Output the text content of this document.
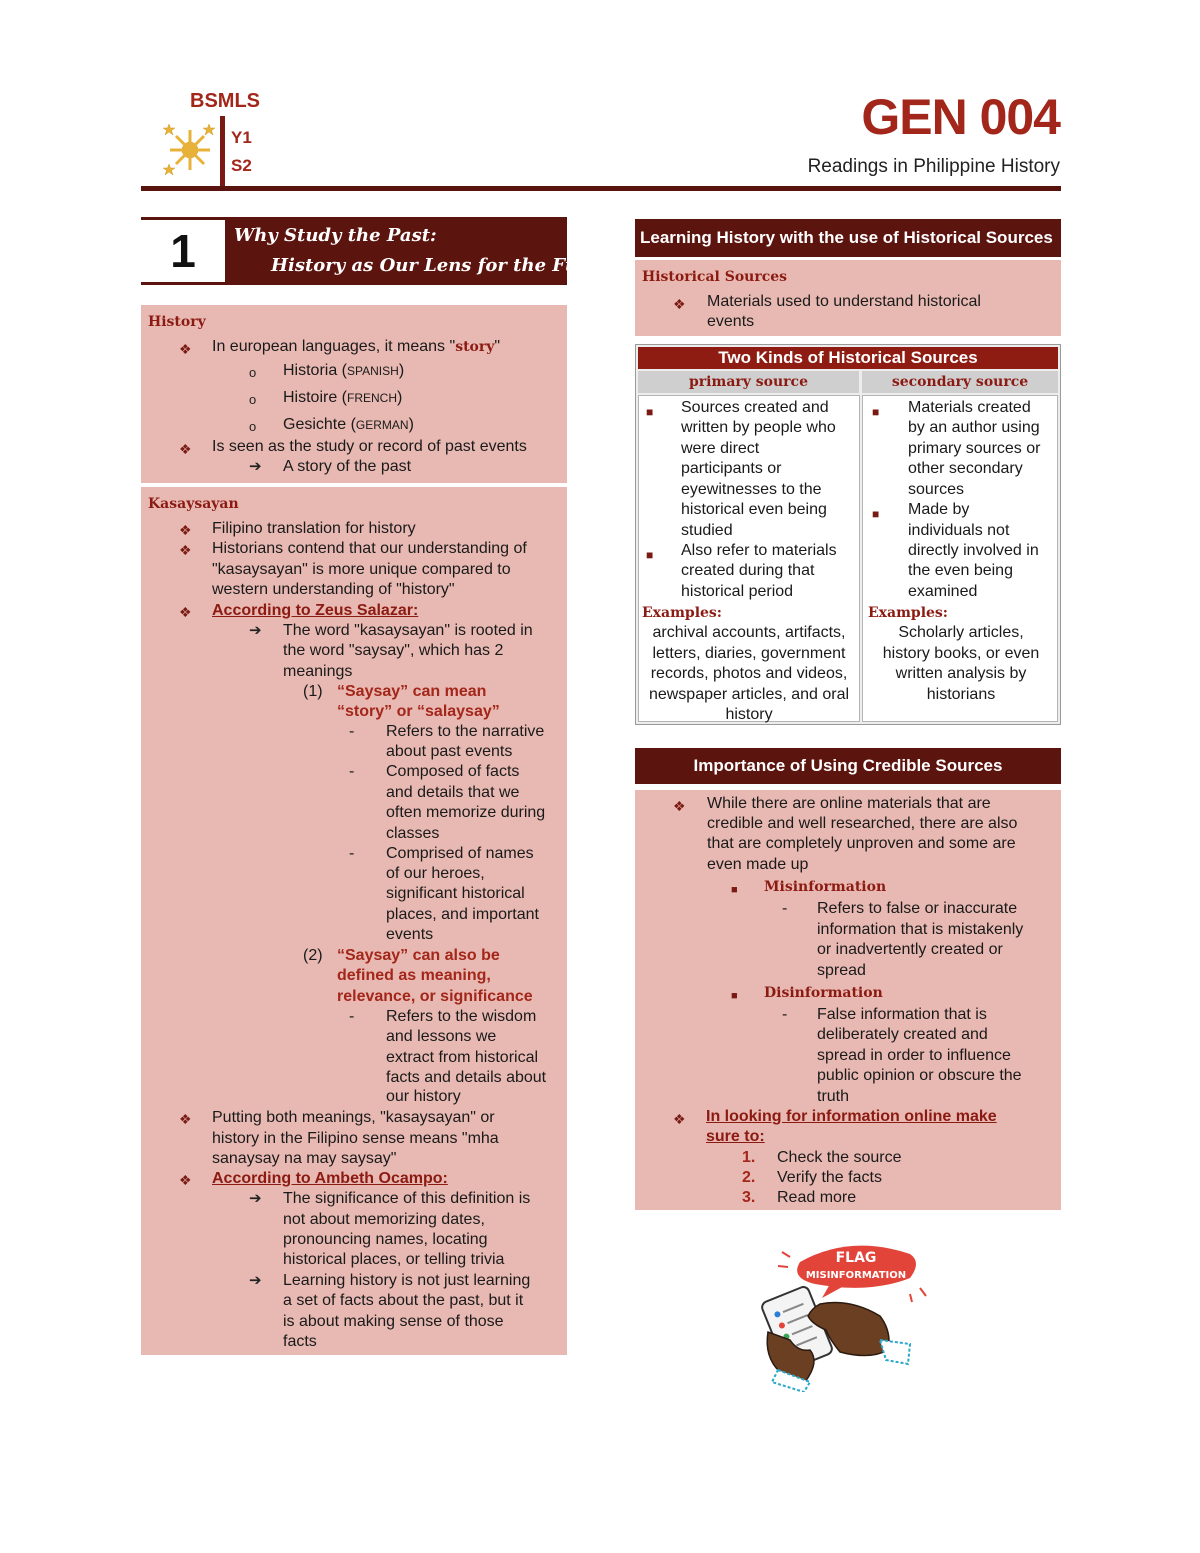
BSMLS
Y1
S2
GEN 004
Readings in Philippine History
1	Why Study the Past:
History as Our Lens for the Future
History
❖ In european languages, it means "story"
o Historia (SPANISH)
o Histoire (FRENCH)
o Gesichte (GERMAN)
❖ Is seen as the study or record of past events
➔ A story of the past
Kasaysayan
❖ Filipino translation for history
❖ Historians contend that our understanding of
"kasaysayan" is more unique compared to
western understanding of "history"
❖ According to Zeus Salazar:
➔ The word "kasaysayan" is rooted in
the word "saysay", which has 2
meanings
(1) “Saysay” can mean
“story” or “salaysay”
- Refers to the narrative
about past events
- Composed of facts
and details that we
often memorize during
classes
- Comprised of names
of our heroes,
significant historical
places, and important
events
(2) “Saysay” can also be
defined as meaning,
relevance, or significance
- Refers to the wisdom
and lessons we
extract from historical
facts and details about
our history
❖ Putting both meanings, "kasaysayan" or
history in the Filipino sense means "mha
sanaysay na may saysay"
❖ According to Ambeth Ocampo:
➔ The significance of this definition is
not about memorizing dates,
pronouncing names, locating
historical places, or telling trivia
➔ Learning history is not just learning
a set of facts about the past, but it
is about making sense of those
facts
Learning History with the use of Historical Sources
Historical Sources
❖ Materials used to understand historical
events
Two Kinds of Historical Sources
primary source	secondary source
■ Sources created and
written by people who
were direct
participants or
eyewitnesses to the
historical even being
studied
■ Also refer to materials
created during that
historical period
Examples:
archival accounts, artifacts,
letters, diaries, government
records, photos and videos,
newspaper articles, and oral
history
■ Materials created
by an author using
primary sources or
other secondary
sources
■ Made by
individuals not
directly involved in
the even being
examined
Examples:
Scholarly articles,
history books, or even
written analysis by
historians
Importance of Using Credible Sources
❖ While there are online materials that are
credible and well researched, there are also
that are completely unproven and some are
even made up
■ Misinformation
- Refers to false or inaccurate
information that is mistakenly
or inadvertently created or
spread
■ Disinformation
- False information that is
deliberately created and
spread in order to influence
public opinion or obscure the
truth
❖ In looking for information online make
sure to:
1. Check the source
2. Verify the facts
3. Read more
FLAG
MISINFORMATION
